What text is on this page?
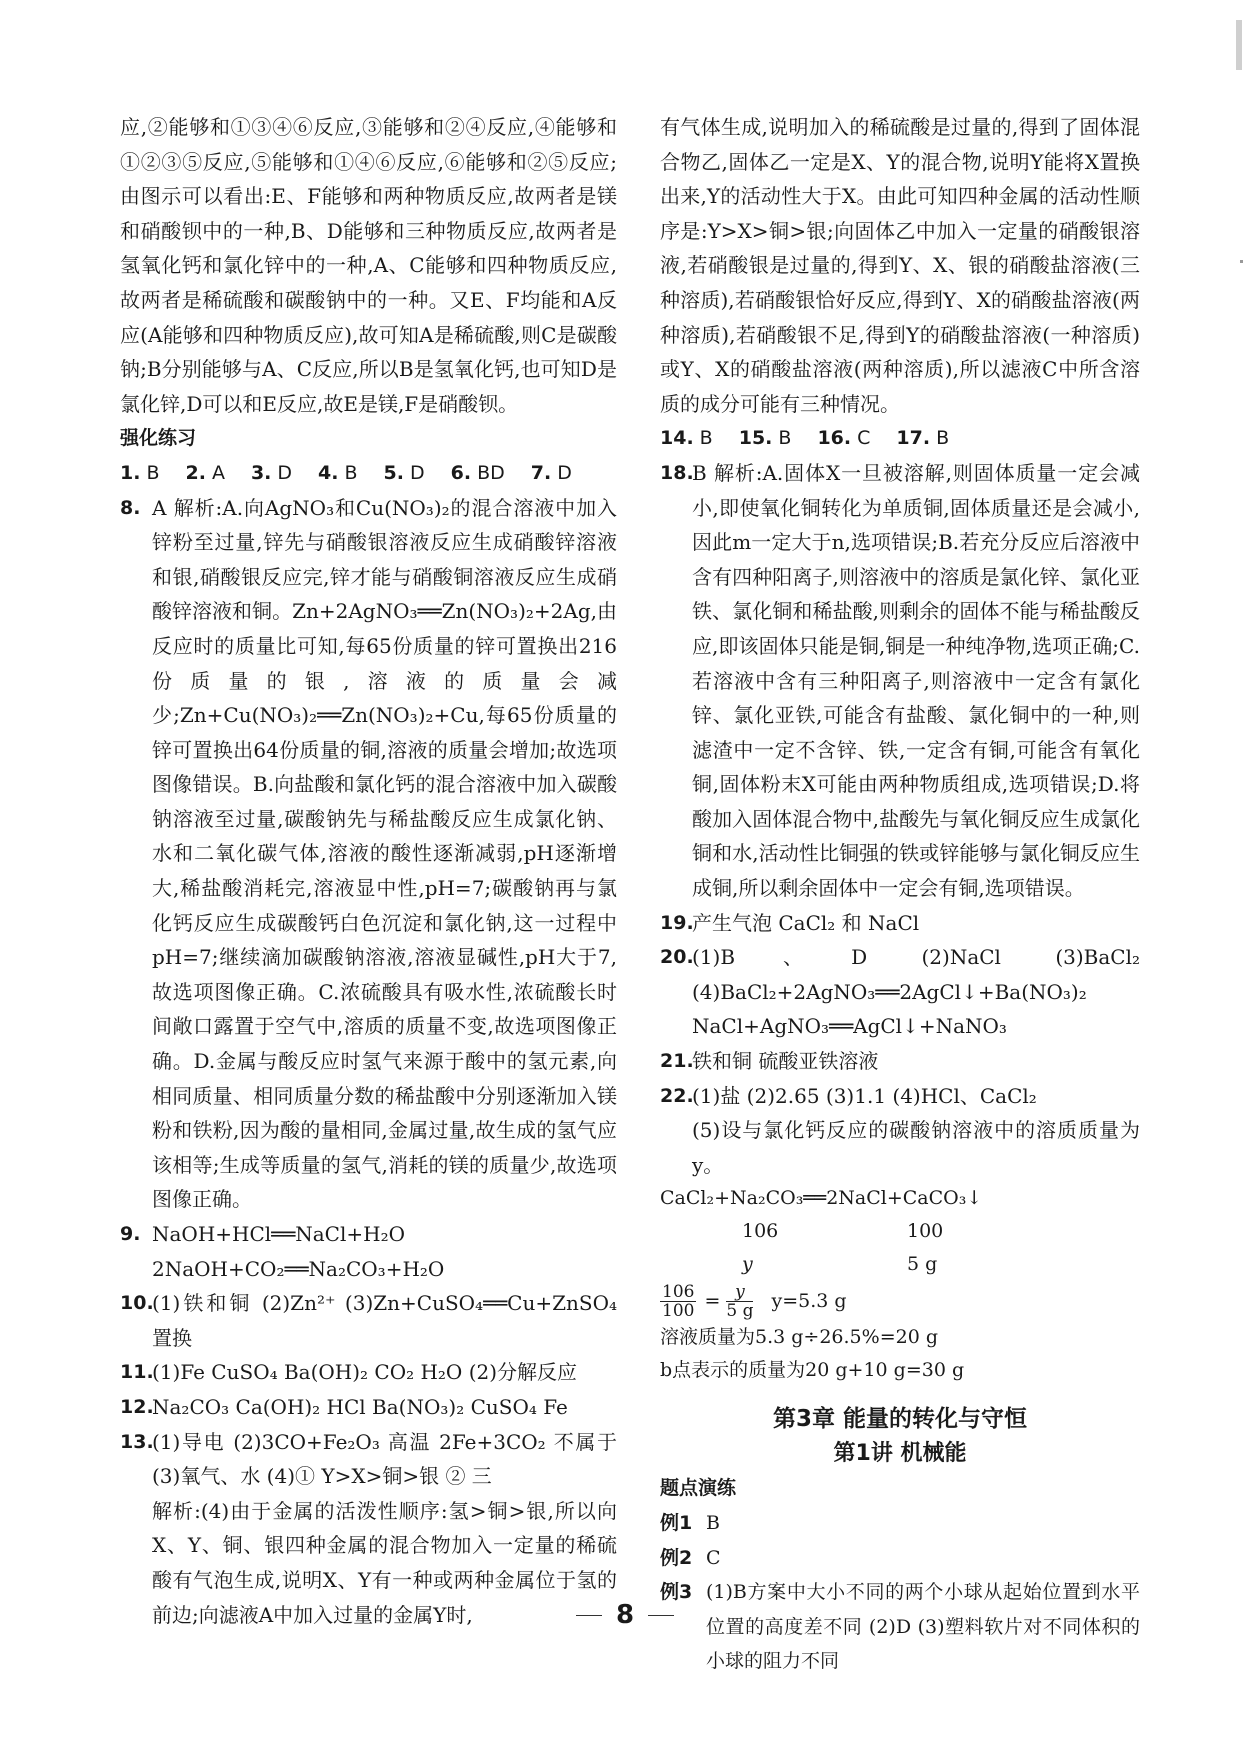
应,②能够和①③④⑥反应,③能够和②④反应,④能够和①②③⑤反应,⑤能够和①④⑥反应,⑥能够和②⑤反应;由图示可以看出:E、F能够和两种物质反应,故两者是镁和硝酸钡中的一种,B、D能够和三种物质反应,故两者是氢氧化钙和氯化锌中的一种,A、C能够和四种物质反应,故两者是稀硫酸和碳酸钠中的一种。又E、F均能和A反应(A能够和四种物质反应),故可知A是稀硫酸,则C是碳酸钠;B分别能够与A、C反应,所以B是氢氧化钙,也可知D是氯化锌,D可以和E反应,故E是镁,F是硝酸钡。

强化练习
1. B 2. A 3. D 4. B 5. D 6. BD 7. D
8. A 解析:A.向AgNO₃和Cu(NO₃)₂的混合溶液中加入锌粉至过量,锌先与硝酸银溶液反应生成硝酸锌溶液和银,硝酸银反应完,锌才能与硝酸铜溶液反应生成硝酸锌溶液和铜。Zn+2AgNO₃══Zn(NO₃)₂+2Ag,由反应时的质量比可知,每65份质量的锌可置换出216份质量的银,溶液的质量会减少;Zn+Cu(NO₃)₂══Zn(NO₃)₂+Cu,每65份质量的锌可置换出64份质量的铜,溶液的质量会增加;故选项图像错误。B.向盐酸和氯化钙的混合溶液中加入碳酸钠溶液至过量,碳酸钠先与稀盐酸反应生成氯化钠、水和二氧化碳气体,溶液的酸性逐渐减弱,pH逐渐增大,稀盐酸消耗完,溶液显中性,pH=7;碳酸钠再与氯化钙反应生成碳酸钙白色沉淀和氯化钠,这一过程中pH=7;继续滴加碳酸钠溶液,溶液显碱性,pH大于7,故选项图像正确。C.浓硫酸具有吸水性,浓硫酸长时间敞口露置于空气中,溶质的质量不变,故选项图像正确。D.金属与酸反应时氢气来源于酸中的氢元素,向相同质量、相同质量分数的稀盐酸中分别逐渐加入镁粉和铁粉,因为酸的量相同,金属过量,故生成的氢气应该相等;生成等质量的氢气,消耗的镁的质量少,故选项图像正确。
9. NaOH+HCl══NaCl+H₂O 2NaOH+CO₂══Na₂CO₃+H₂O
10.
(1)铁和铜 (2)Zn²⁺ (3)Zn+CuSO₄══Cu+ZnSO₄ 置换
11.
(1)Fe CuSO₄ Ba(OH)₂ CO₂ H₂O (2)分解反应
12.
Na₂CO₃ Ca(OH)₂ HCl Ba(NO₃)₂ CuSO₄ Fe
13.
(1)导电 (2)3CO+Fe₂O₃ 高温 2Fe+3CO₂ 不属于 (3)氧气、水 (4)① Y>X>铜>银 ② 三
解析:(4)由于金属的活泼性顺序:氢>铜>银,所以向X、Y、铜、银四种金属的混合物加入一定量的稀硫酸有气泡生成,说明X、Y有一种或两种金属位于氢的前边;向滤液A中加入过量的金属Y时,

有气体生成,说明加入的稀硫酸是过量的,得到了固体混合物乙,固体乙一定是X、Y的混合物,说明Y能将X置换出来,Y的活动性大于X。由此可知四种金属的活动性顺序是:Y>X>铜>银;向固体乙中加入一定量的硝酸银溶液,若硝酸银是过量的,得到Y、X、银的硝酸盐溶液(三种溶质),若硝酸银恰好反应,得到Y、X的硝酸盐溶液(两种溶质),若硝酸银不足,得到Y的硝酸盐溶液(一种溶质)或Y、X的硝酸盐溶液(两种溶质),所以滤液C中所含溶质的成分可能有三种情况。

14. B 15. B 16. C 17. B
18.
B 解析:A.固体X一旦被溶解,则固体质量一定会减小,即使氧化铜转化为单质铜,固体质量还是会减小,因此m一定大于n,选项错误;B.若充分反应后溶液中含有四种阳离子,则溶液中的溶质是氯化锌、氯化亚铁、氯化铜和稀盐酸,则剩余的固体不能与稀盐酸反应,即该固体只能是铜,铜是一种纯净物,选项正确;C.若溶液中含有三种阳离子,则溶液中一定含有氯化锌、氯化亚铁,可能含有盐酸、氯化铜中的一种,则滤渣中一定不含锌、铁,一定含有铜,可能含有氧化铜,固体粉末X可能由两种物质组成,选项错误;D.将酸加入固体混合物中,盐酸先与氧化铜反应生成氯化铜和水,活动性比铜强的铁或锌能够与氯化铜反应生成铜,所以剩余固体中一定会有铜,选项错误。
19.
产生气泡 CaCl₂ 和 NaCl
20.
(1)B、D (2)NaCl (3)BaCl₂ (4)BaCl₂+2AgNO₃══2AgCl↓+Ba(NO₃)₂ NaCl+AgNO₃══AgCl↓+NaNO₃
21.
铁和铜 硫酸亚铁溶液
22.
(1)盐 (2)2.65 (3)1.1 (4)HCl、CaCl₂
(5)设与氯化钙反应的碳酸钠溶液中的溶质质量为y。
CaCl₂+Na₂CO₃══2NaCl+CaCO₃↓
106	100
y	5 g
$\frac{106}{100} = \frac{y}{5 g} y=5.3$ g
溶液质量为5.3 g÷26.5%=20 g
b点表示的质量为20 g+10 g=30 g
第3章 能量的转化与守恒
第1讲 机械能
题点演练
例1 B
例2 C
例3 (1)B方案中大小不同的两个小球从起始位置到水平位置的高度差不同 (2)D (3)塑料软片对不同体积的小球的阻力不同
8
